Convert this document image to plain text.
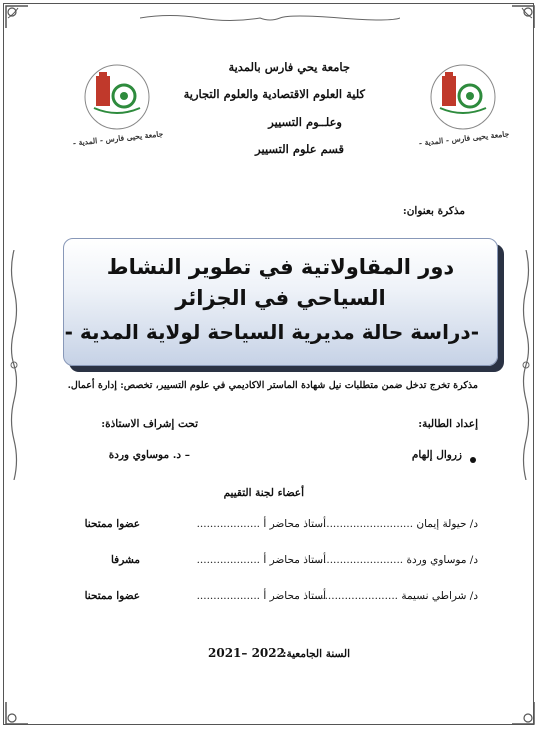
جامعة يحيى فارس - المدية -	جامعة يحيى فارس - المدية -
جامعة يحي فارس بالمدية
كلية العلوم الاقتصادية والعلوم التجارية
وعلــوم التسيير
قسم علوم التسيير
مذكرة بعنوان:
دور المقاولاتية في تطوير النشاط
السياحي في الجزائر
-دراسة حالة مديرية السياحة لولاية المدية -
مذكرة تخرج تدخل ضمن متطلبات نيل شهادة الماستر الاكاديمي في علوم التسيير، تخصص: إدارة أعمال.
إعداد الطالبة:
تحت إشراف الاستاذة:
زروال إلهام
– د. موساوي وردة
أعضاء لجنة التقييم
د/ حيولة إيمان ...........................
أستاذ محاضر أ ...................
عضوا ممتحنا
د/ موساوي وردة ...........................
أستاذ محاضر أ ...................
مشرفا
د/ شراطي نسيمة ..........................
أستاذ محاضر أ ...................
عضوا ممتحنا
السنة الجامعية:
2021– 2022
